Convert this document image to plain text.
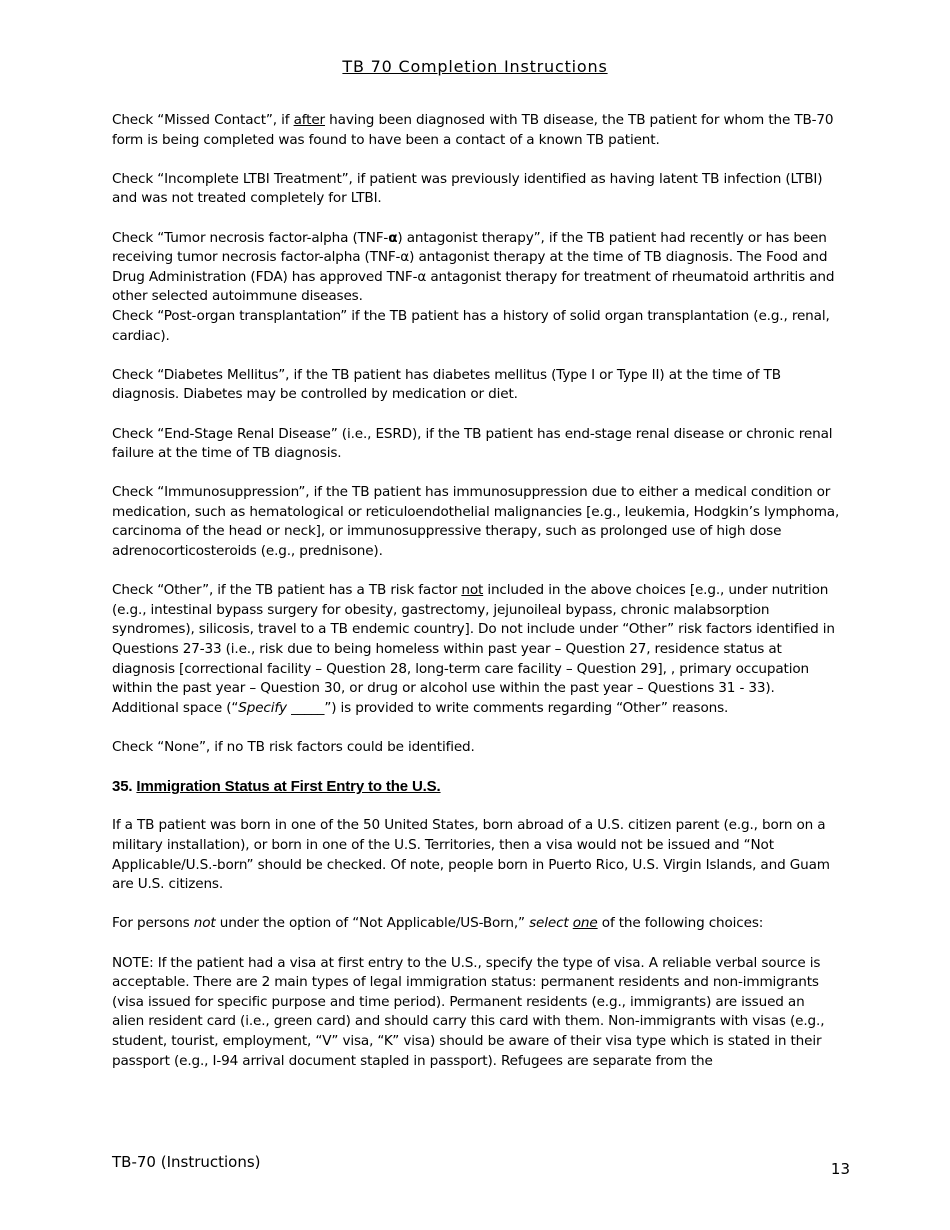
TB 70 Completion Instructions

Check “Missed Contact”, if after having been diagnosed with TB disease, the TB patient for whom the TB-70 form is being completed was found to have been a contact of a known TB patient.

Check “Incomplete LTBI Treatment”, if patient was previously identified as having latent TB infection (LTBI) and was not treated completely for LTBI.

Check “Tumor necrosis factor-alpha (TNF-α) antagonist therapy”, if the TB patient had recently or has been receiving tumor necrosis factor-alpha (TNF-α) antagonist therapy at the time of TB diagnosis. The Food and Drug Administration (FDA) has approved TNF-α antagonist therapy for treatment of rheumatoid arthritis and other selected autoimmune diseases.

Check “Post-organ transplantation” if the TB patient has a history of solid organ transplantation (e.g., renal, cardiac).

Check “Diabetes Mellitus”, if the TB patient has diabetes mellitus (Type I or Type II) at the time of TB diagnosis. Diabetes may be controlled by medication or diet.

Check “End-Stage Renal Disease” (i.e., ESRD), if the TB patient has end-stage renal disease or chronic renal failure at the time of TB diagnosis.

Check “Immunosuppression”, if the TB patient has immunosuppression due to either a medical condition or medication, such as hematological or reticuloendothelial malignancies [e.g., leukemia, Hodgkin’s lymphoma, carcinoma of the head or neck], or immunosuppressive therapy, such as prolonged use of high dose adrenocorticosteroids (e.g., prednisone).

Check “Other”, if the TB patient has a TB risk factor not included in the above choices [e.g., under nutrition (e.g., intestinal bypass surgery for obesity, gastrectomy, jejunoileal bypass, chronic malabsorption syndromes), silicosis, travel to a TB endemic country]. Do not include under “Other” risk factors identified in Questions 27-33 (i.e., risk due to being homeless within past year – Question 27, residence status at diagnosis [correctional facility – Question 28, long-term care facility – Question 29], , primary occupation within the past year – Question 30, or drug or alcohol use within the past year – Questions 31 - 33). Additional space (“Specify _____”) is provided to write comments regarding “Other” reasons.

Check “None”, if no TB risk factors could be identified.

35. Immigration Status at First Entry to the U.S.

If a TB patient was born in one of the 50 United States, born abroad of a U.S. citizen parent (e.g., born on a military installation), or born in one of the U.S. Territories, then a visa would not be issued and “Not Applicable/U.S.-born” should be checked. Of note, people born in Puerto Rico, U.S. Virgin Islands, and Guam are U.S. citizens.

For persons not under the option of “Not Applicable/US-Born,” select one of the following choices:

NOTE: If the patient had a visa at first entry to the U.S., specify the type of visa. A reliable verbal source is acceptable. There are 2 main types of legal immigration status: permanent residents and non-immigrants (visa issued for specific purpose and time period). Permanent residents (e.g., immigrants) are issued an alien resident card (i.e., green card) and should carry this card with them. Non-immigrants with visas (e.g., student, tourist, employment, “V” visa, “K” visa) should be aware of their visa type which is stated in their passport (e.g., I-94 arrival document stapled in passport). Refugees are separate from the

TB-70 (Instructions)	13
